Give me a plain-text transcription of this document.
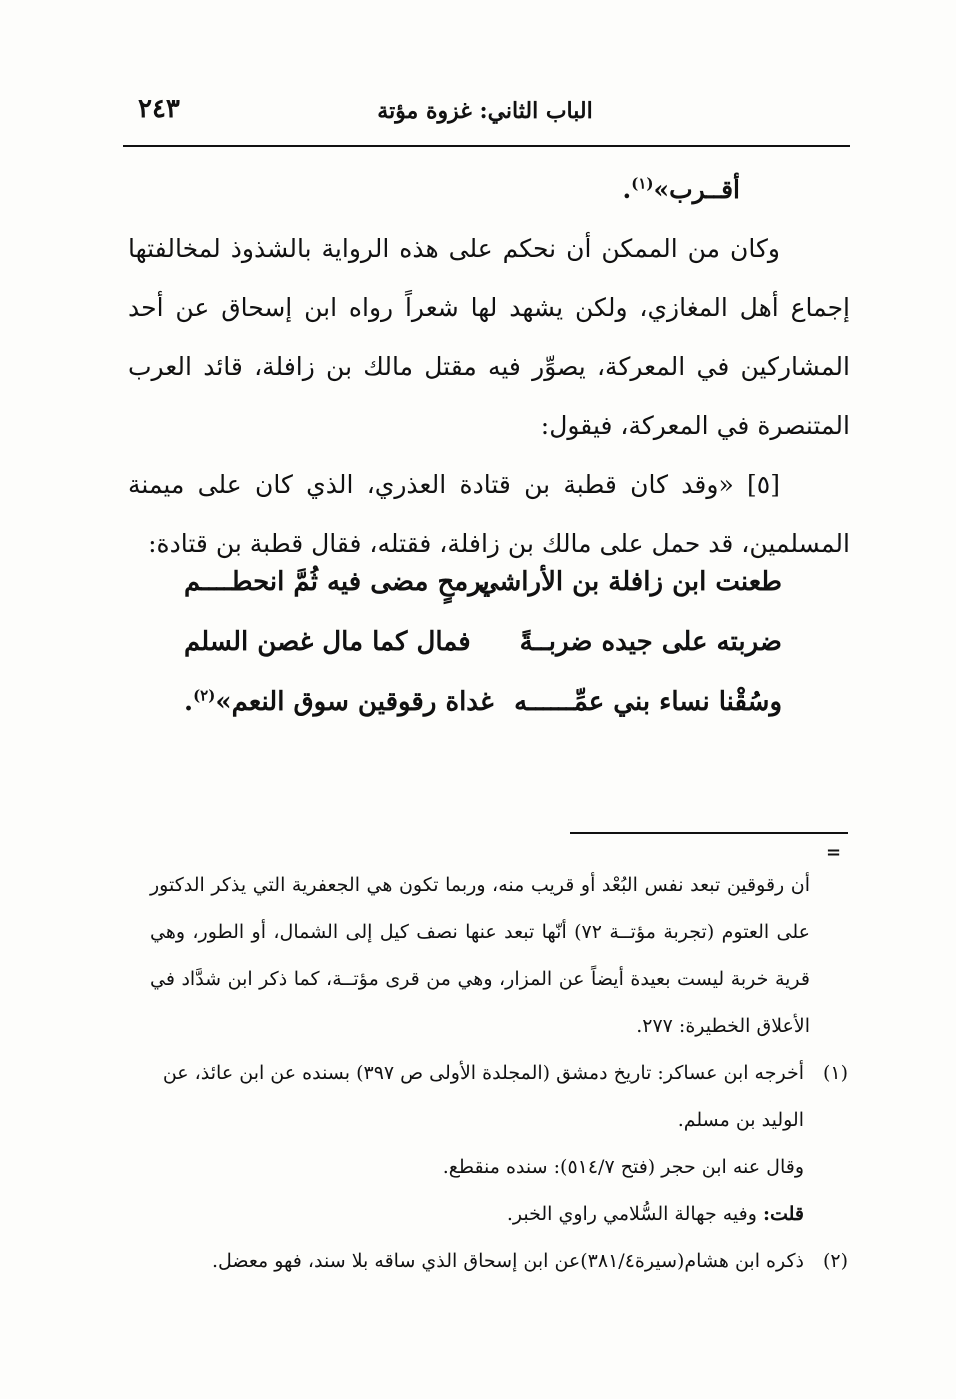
٢٤٣	الباب الثاني: غزوة مؤتة

أقــرب»$^{(١)}$.

وكان من الممكن أن نحكم على هذه الرواية بالشذوذ لمخالفتها إجماع أهل المغازي، ولكن يشهد لها شعراً رواه ابن إسحاق عن أحد المشاركين في المعركة، يصوِّر فيه مقتل مالك بن زافلة، قائد العرب المتنصرة في المعركة، فيقول:

[٥] «وقد كان قطبة بن قتادة العذري، الذي كان على ميمنة المسلمين، قد حمل على مالك بن زافلة، فقتله، فقال قطبة بن قتادة:

طعنت ابن زافلة بن الأراشي
برمحٍ مضى فيه ثُمَّ انحطــــم
ضربته على جيده ضربــةً
فمال كما مال غصن السلم
وسُقْنا نساء بني عمِّــــــه
غداة رقوقين سوق النعم»$^{(٢)}$.
=

أن رقوقين تبعد نفس البُعْد أو قريب منه، وربما تكون هي الجعفرية التي يذكر الدكتور على العتوم (تجربة مؤتــة ٧٢) أنّها تبعد عنها نصف كيل إلى الشمال، أو الطور، وهي قرية خربة ليست بعيدة أيضاً عن المزار، وهي من قرى مؤتــة، كما ذكر ابن شدَّاد في الأعلاق الخطيرة: ٢٧٧.

(١)
أخرجه ابن عساكر: تاريخ دمشق (المجلدة الأولى ص ٣٩٧) بسنده عن ابن عائذ، عن الوليد بن مسلم.

وقال عنه ابن حجر (فتح ٥١٤/٧): سنده منقطع.

قلت: وفيه جهالة السُّلامي راوي الخبر.

(٢)
ذكره ابن هشام(سيرة٣٨١/٤)عن ابن إسحاق الذي ساقه بلا سند، فهو معضل.
